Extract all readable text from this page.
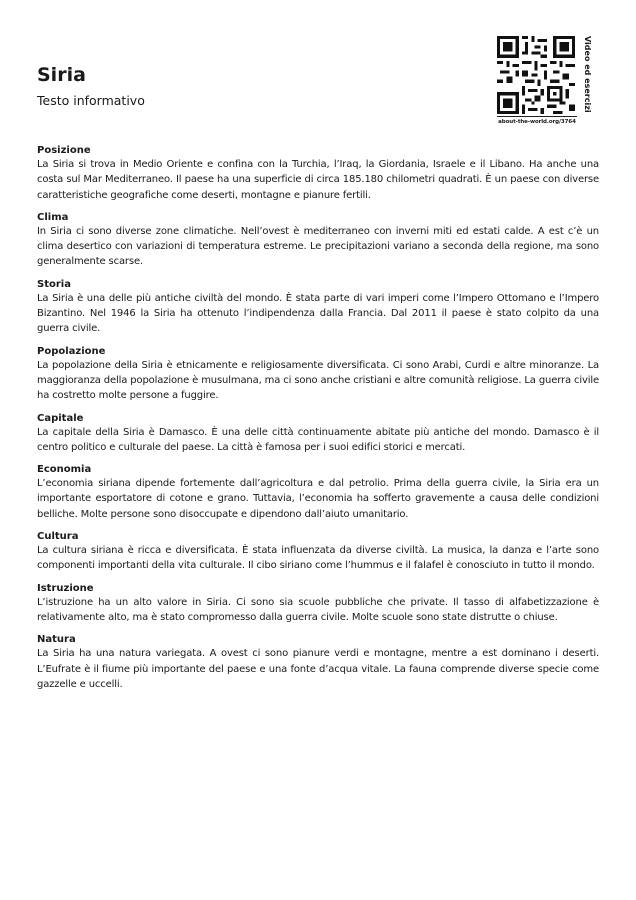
Siria
Testo informativo	Video ed esercizi
about-the-world.org/3764
Posizione

La Siria si trova in Medio Oriente e confina con la Turchia, l’Iraq, la Giordania, Israele e il Libano. Ha anche una costa sul Mar Mediterraneo. Il paese ha una superficie di circa 185.180 chilometri quadrati. È un paese con diverse caratteristiche geografiche come deserti, montagne e pianure fertili.

Clima

In Siria ci sono diverse zone climatiche. Nell’ovest è mediterraneo con inverni miti ed estati calde. A est c’è un clima desertico con variazioni di temperatura estreme. Le precipitazioni variano a seconda della regione, ma sono generalmente scarse.

Storia

La Siria è una delle più antiche civiltà del mondo. È stata parte di vari imperi come l’Impero Ottomano e l’Impero Bizantino. Nel 1946 la Siria ha ottenuto l’indipendenza dalla Francia. Dal 2011 il paese è stato colpito da una guerra civile.

Popolazione

La popolazione della Siria è etnicamente e religiosamente diversificata. Ci sono Arabi, Curdi e altre minoranze. La maggioranza della popolazione è musulmana, ma ci sono anche cristiani e altre comunità religiose. La guerra civile ha costretto molte persone a fuggire.

Capitale

La capitale della Siria è Damasco. È una delle città continuamente abitate più antiche del mondo. Damasco è il centro politico e culturale del paese. La città è famosa per i suoi edifici storici e mercati.

Economia

L’economia siriana dipende fortemente dall’agricoltura e dal petrolio. Prima della guerra civile, la Siria era un importante esportatore di cotone e grano. Tuttavia, l’economia ha sofferto gravemente a causa delle condizioni belliche. Molte persone sono disoccupate e dipendono dall’aiuto umanitario.

Cultura

La cultura siriana è ricca e diversificata. È stata influenzata da diverse civiltà. La musica, la danza e l’arte sono componenti importanti della vita culturale. Il cibo siriano come l’hummus e il falafel è conosciuto in tutto il mondo.

Istruzione

L’istruzione ha un alto valore in Siria. Ci sono sia scuole pubbliche che private. Il tasso di alfabetizzazione è relativamente alto, ma è stato compromesso dalla guerra civile. Molte scuole sono state distrutte o chiuse.

Natura

La Siria ha una natura variegata. A ovest ci sono pianure verdi e montagne, mentre a est dominano i deserti. L’Eufrate è il fiume più importante del paese e una fonte d’acqua vitale. La fauna comprende diverse specie come gazzelle e uccelli.
